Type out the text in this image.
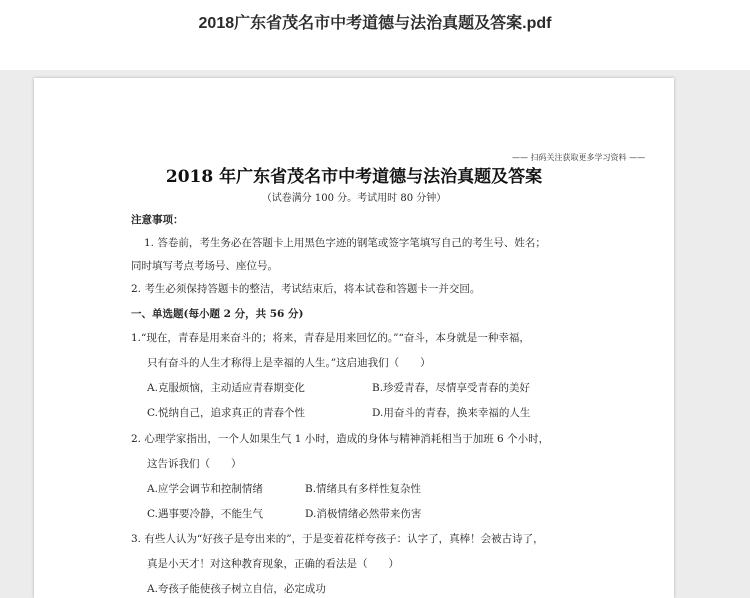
2018广东省茂名市中考道德与法治真题及答案.pdf
—— 扫码关注获取更多学习资料 ——
2018 年广东省茂名市中考道德与法治真题及答案
（试卷满分 100 分。考试用时 80 分钟）
注意事项：
1. 答卷前，考生务必在答题卡上用黑色字迹的钢笔或签字笔填写自己的考生号、姓名；
同时填写考点考场号、座位号。
2. 考生必须保持答题卡的整洁，考试结束后，将本试卷和答题卡一并交回。
一、单选题(每小题 2 分，共 56 分)
1.“现在，青春是用来奋斗的；将来，青春是用来回忆的。”“奋斗，本身就是一种幸福，
只有奋斗的人生才称得上是幸福的人生。”这启迪我们（　　）
A.克服烦恼，主动适应青春期变化	B.珍爱青春，尽情享受青春的美好
C.悦纳自己，追求真正的青春个性	D.用奋斗的青春，换来幸福的人生
2. 心理学家指出，一个人如果生气 1 小时，造成的身体与精神消耗相当于加班 6 个小时，
这告诉我们（　　）
A.应学会调节和控制情绪	B.情绪具有多样性复杂性
C.遇事要冷静，不能生气	D.消极情绪必然带来伤害
3. 有些人认为“好孩子是夸出来的”，于是变着花样夸孩子：认字了，真棒！会被古诗了，
真是小天才！对这种教育现象，正确的看法是（　　）
A.夸孩子能使孩子树立自信，必定成功
